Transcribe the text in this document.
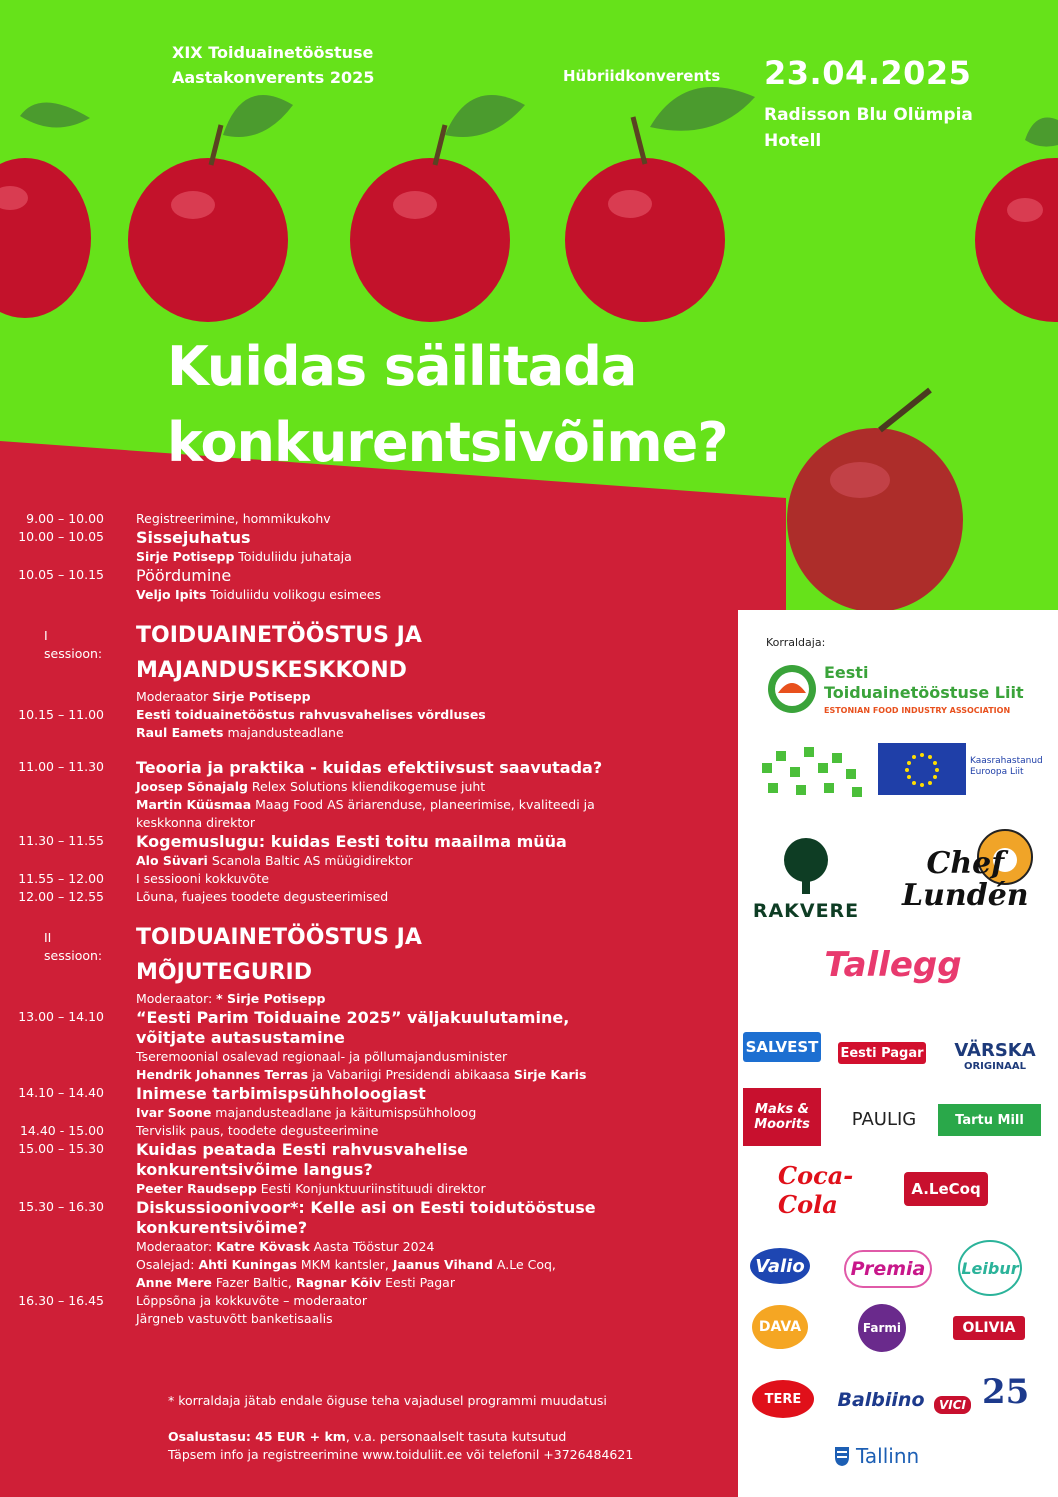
XIX Toiduainetööstuse
Aastakonverents 2025	Hübriidkonverents 23.04.2025
Radisson Blu Olümpia
Hotell
Kuidas säilitada
konkurentsivõime?
9.00 – 10.00	Registreerimine, hommikukohv
10.00 – 10.05	Sissejuhatus
Sirje Potisepp Toiduliidu juhataja
10.05 – 10.15	Pöördumine
Veljo Ipits Toiduliidu volikogu esimees
I sessioon:
TOIDUAINETÖÖSTUS JA
MAJANDUSKESKKOND
Moderaator Sirje Potisepp
10.15 – 11.00	Eesti toiduainetööstus rahvusvahelises võrdluses
Raul Eamets majandusteadlane
11.00 – 11.30	Teooria ja praktika - kuidas efektiivsust saavutada?
Joosep Sõnajalg Relex Solutions kliendikogemuse juht
Martin Küüsmaa Maag Food AS äriarenduse, planeerimise, kvaliteedi ja
keskkonna direktor
11.30 – 11.55	Kogemuslugu: kuidas Eesti toitu maailma müüa
Alo Süvari Scanola Baltic AS müügidirektor
11.55 – 12.00	I sessiooni kokkuvõte
12.00 – 12.55	Lõuna, fuajees toodete degusteerimised
II sessioon:
TOIDUAINETÖÖSTUS JA
MÕJUTEGURID
Moderaator: * Sirje Potisepp
13.00 – 14.10	“Eesti Parim Toiduaine 2025” väljakuulutamine,
võitjate autasustamine
Tseremoonial osalevad regionaal- ja põllumajandusminister
Hendrik Johannes Terras ja Vabariigi Presidendi abikaasa Sirje Karis
14.10 – 14.40	Inimese tarbimispsühholoogiast
Ivar Soone majandusteadlane ja käitumispsühholoog
14.40 - 15.00	Tervislik paus, toodete degusteerimine
15.00 – 15.30	Kuidas peatada Eesti rahvusvahelise
konkurentsivõime langus?
Peeter Raudsepp Eesti Konjunktuuriinstituudi direktor
15.30 – 16.30	Diskussioonivoor*: Kelle asi on Eesti toidutööstuse
konkurentsivõime?
Moderaator: Katre Kövask Aasta Tööstur 2024
Osalejad: Ahti Kuningas MKM kantsler, Jaanus Vihand A.Le Coq,
Anne Mere Fazer Baltic, Ragnar Kõiv Eesti Pagar
16.30 – 16.45	Lõppsõna ja kokkuvõte – moderaator
Järgneb vastuvõtt banketisaalis
* korraldaja jätab endale õiguse teha vajadusel programmi muudatusi
Osalustasu: 45 EUR + km, v.a. personaalselt tasuta kutsutud
Täpsem info ja registreerimine www.toiduliit.ee või telefonil +3726484621
Korraldaja:
Eesti
Toiduainetööstuse Liit
ESTONIAN FOOD INDUSTRY ASSOCIATION
Kaasrahastanud
Euroopa Liit
RAKVERE
Chef
Lundén
Tallegg
SALVEST Eesti Pagar VÄRSKA
ORIGINAAL
Maks &
Moorits	PAULIG	Tartu Mill
Coca-Cola
A.LeCoq
Valio	Premia	Leibur
DAVA	Farmi	OLIVIA
TERE	Balbiino	VICI 25
Tallinn
